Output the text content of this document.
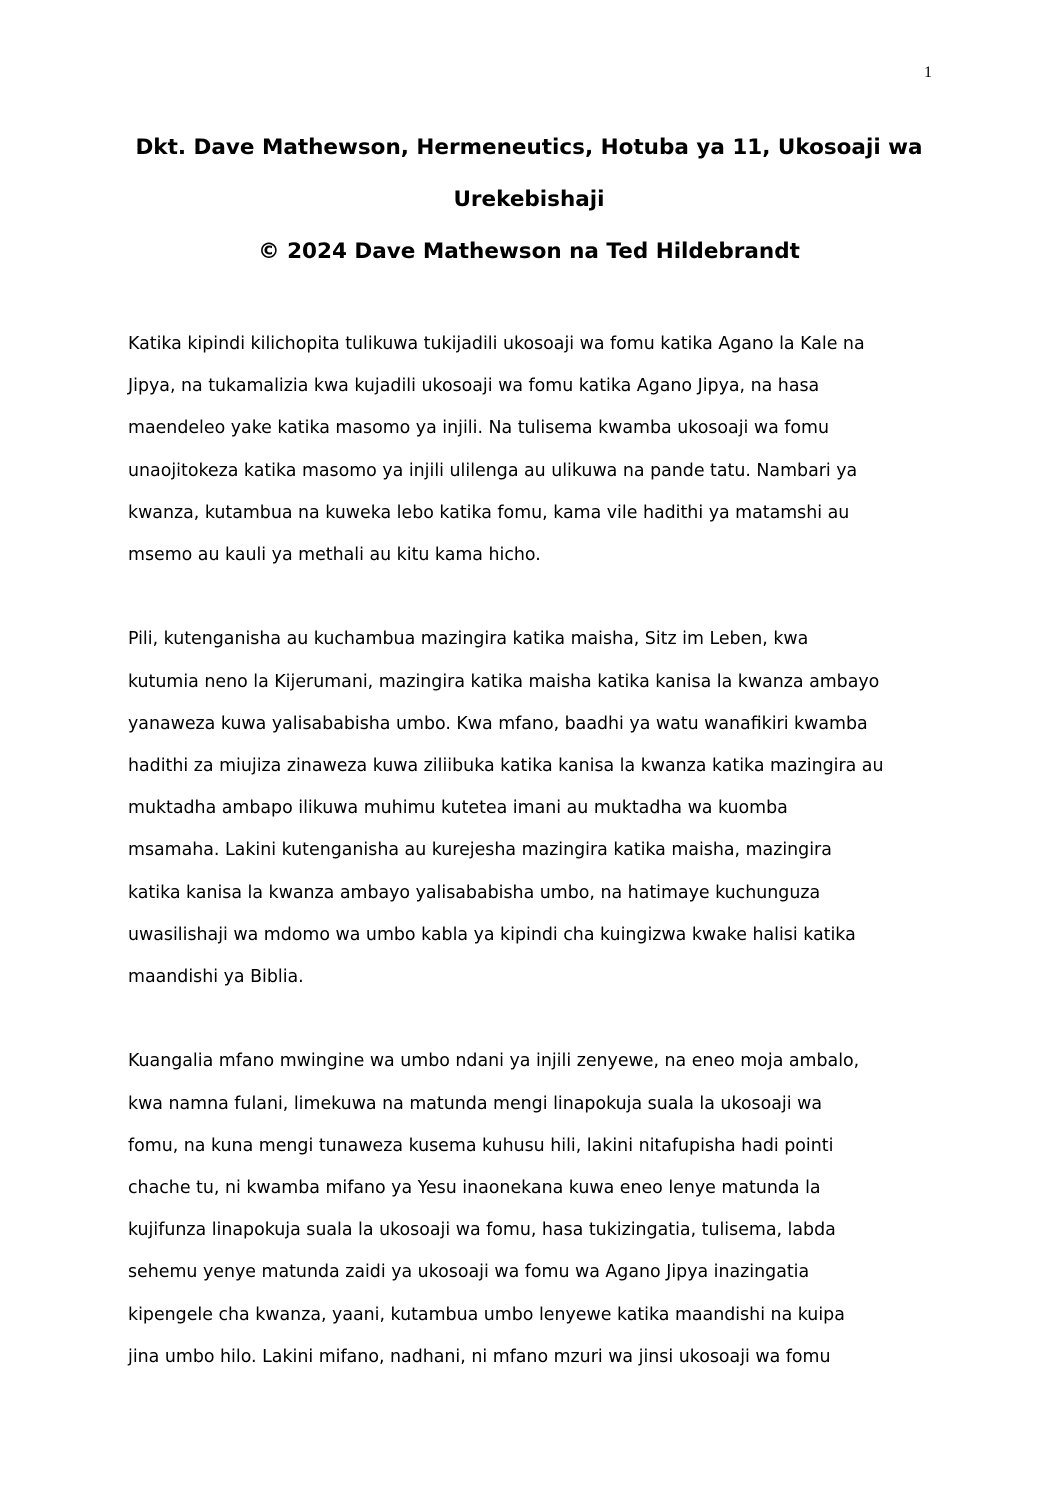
1
Dkt. Dave Mathewson, Hermeneutics, Hotuba ya 11, Ukosoaji wa
Urekebishaji
© 2024 Dave Mathewson na Ted Hildebrandt

Katika kipindi kilichopita tulikuwa tukijadili ukosoaji wa fomu katika Agano la Kale na
Jipya, na tukamalizia kwa kujadili ukosoaji wa fomu katika Agano Jipya, na hasa
maendeleo yake katika masomo ya injili. Na tulisema kwamba ukosoaji wa fomu
unaojitokeza katika masomo ya injili ulilenga au ulikuwa na pande tatu. Nambari ya
kwanza, kutambua na kuweka lebo katika fomu, kama vile hadithi ya matamshi au
msemo au kauli ya methali au kitu kama hicho.

Pili, kutenganisha au kuchambua mazingira katika maisha, Sitz im Leben, kwa
kutumia neno la Kijerumani, mazingira katika maisha katika kanisa la kwanza ambayo
yanaweza kuwa yalisababisha umbo. Kwa mfano, baadhi ya watu wanafikiri kwamba
hadithi za miujiza zinaweza kuwa ziliibuka katika kanisa la kwanza katika mazingira au
muktadha ambapo ilikuwa muhimu kutetea imani au muktadha wa kuomba
msamaha. Lakini kutenganisha au kurejesha mazingira katika maisha, mazingira
katika kanisa la kwanza ambayo yalisababisha umbo, na hatimaye kuchunguza
uwasilishaji wa mdomo wa umbo kabla ya kipindi cha kuingizwa kwake halisi katika
maandishi ya Biblia.

Kuangalia mfano mwingine wa umbo ndani ya injili zenyewe, na eneo moja ambalo,
kwa namna fulani, limekuwa na matunda mengi linapokuja suala la ukosoaji wa
fomu, na kuna mengi tunaweza kusema kuhusu hili, lakini nitafupisha hadi pointi
chache tu, ni kwamba mifano ya Yesu inaonekana kuwa eneo lenye matunda la
kujifunza linapokuja suala la ukosoaji wa fomu, hasa tukizingatia, tulisema, labda
sehemu yenye matunda zaidi ya ukosoaji wa fomu wa Agano Jipya inazingatia
kipengele cha kwanza, yaani, kutambua umbo lenyewe katika maandishi na kuipa
jina umbo hilo. Lakini mifano, nadhani, ni mfano mzuri wa jinsi ukosoaji wa fomu
